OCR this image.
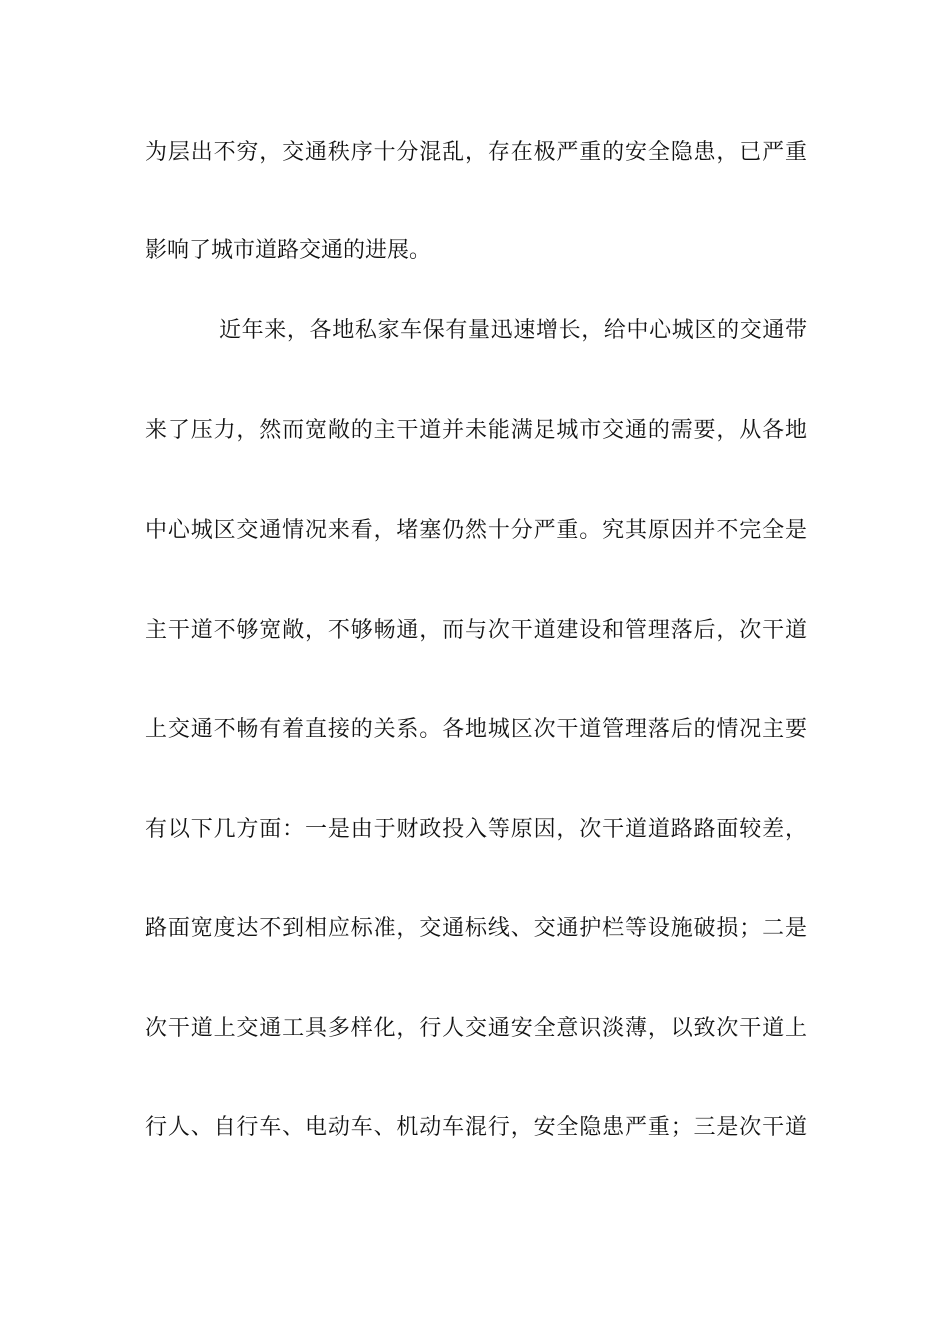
为层出不穷，交通秩序十分混乱，存在极严重的安全隐患，已严重
影响了城市道路交通的进展。
近年来，各地私家车保有量迅速增长，给中心城区的交通带
来了压力，然而宽敞的主干道并未能满足城市交通的需要，从各地
中心城区交通情况来看，堵塞仍然十分严重。究其原因并不完全是
主干道不够宽敞，不够畅通，而与次干道建设和管理落后，次干道
上交通不畅有着直接的关系。各地城区次干道管理落后的情况主要
有以下几方面：一是由于财政投入等原因，次干道道路路面较差，
路面宽度达不到相应标准，交通标线、交通护栏等设施破损；二是
次干道上交通工具多样化，行人交通安全意识淡薄，以致次干道上
行人、自行车、电动车、机动车混行，安全隐患严重；三是次干道
